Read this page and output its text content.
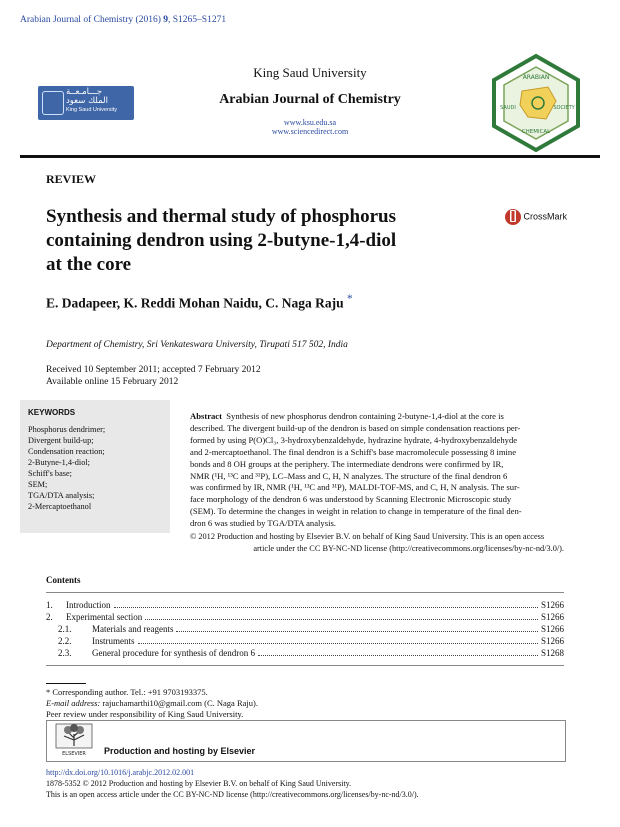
Arabian Journal of Chemistry (2016) 9, S1265–S1271
جـــامـعــة
الملك سعود
King Saud University
King Saud University
Arabian Journal of Chemistry
www.ksu.edu.sa
www.sciencedirect.com
ARABIAN
SAUDI
CHEMICAL
SOCIETY
REVIEW
Synthesis and thermal study of phosphorus
containing dendron using 2-butyne-1,4-diol
at the core
CrossMark
E. Dadapeer, K. Reddi Mohan Naidu, C. Naga Raju *
Department of Chemistry, Sri Venkateswara University, Tirupati 517 502, India
Received 10 September 2011; accepted 7 February 2012
Available online 15 February 2012
KEYWORDS
Phosphorus dendrimer;
Divergent build-up;
Condensation reaction;
2-Butyne-1,4-diol;
Schiff's base;
SEM;
TGA/DTA analysis;
2-Mercaptoethanol
Abstract Synthesis of new phosphorus dendron containing 2-butyne-1,4-diol at the core is
described. The divergent build-up of the dendron is based on simple condensation reactions per-
formed by using P(O)Cl₃, 3-hydroxybenzaldehyde, hydrazine hydrate, 4-hydroxybenzaldehyde
and 2-mercaptoethanol. The final dendron is a Schiff's base macromolecule possessing 8 imine
bonds and 8 OH groups at the periphery. The intermediate dendrons were confirmed by IR,
NMR (¹H, ¹³C and ³¹P), LC–Mass and C, H, N analyzes. The structure of the final dendron 6
was confirmed by IR, NMR (¹H, ¹³C and ³¹P), MALDI-TOF-MS, and C, H, N analysis. The sur-
face morphology of the dendron 6 was understood by Scanning Electronic Microscopic study
(SEM). To determine the changes in weight in relation to change in temperature of the final den-
dron 6 was studied by TGA/DTA analysis.
© 2012 Production and hosting by Elsevier B.V. on behalf of King Saud University. This is an open access
article under the CC BY-NC-ND license (http://creativecommons.org/licenses/by-nc-nd/3.0/).
Contents
1.	Introduction	S1266
2.	Experimental section	S1266
2.1.	Materials and reagents	S1266
2.2.	Instruments	S1266
2.3.	General procedure for synthesis of dendron 6	S1268
* Corresponding author. Tel.: +91 9703193375.
E-mail address: rajuchamarthi10@gmail.com (C. Naga Raju).
Peer review under responsibility of King Saud University.
ELSEVIER Production and hosting by Elsevier
http://dx.doi.org/10.1016/j.arabjc.2012.02.001
1878-5352 © 2012 Production and hosting by Elsevier B.V. on behalf of King Saud University.
This is an open access article under the CC BY-NC-ND license (http://creativecommons.org/licenses/by-nc-nd/3.0/).
